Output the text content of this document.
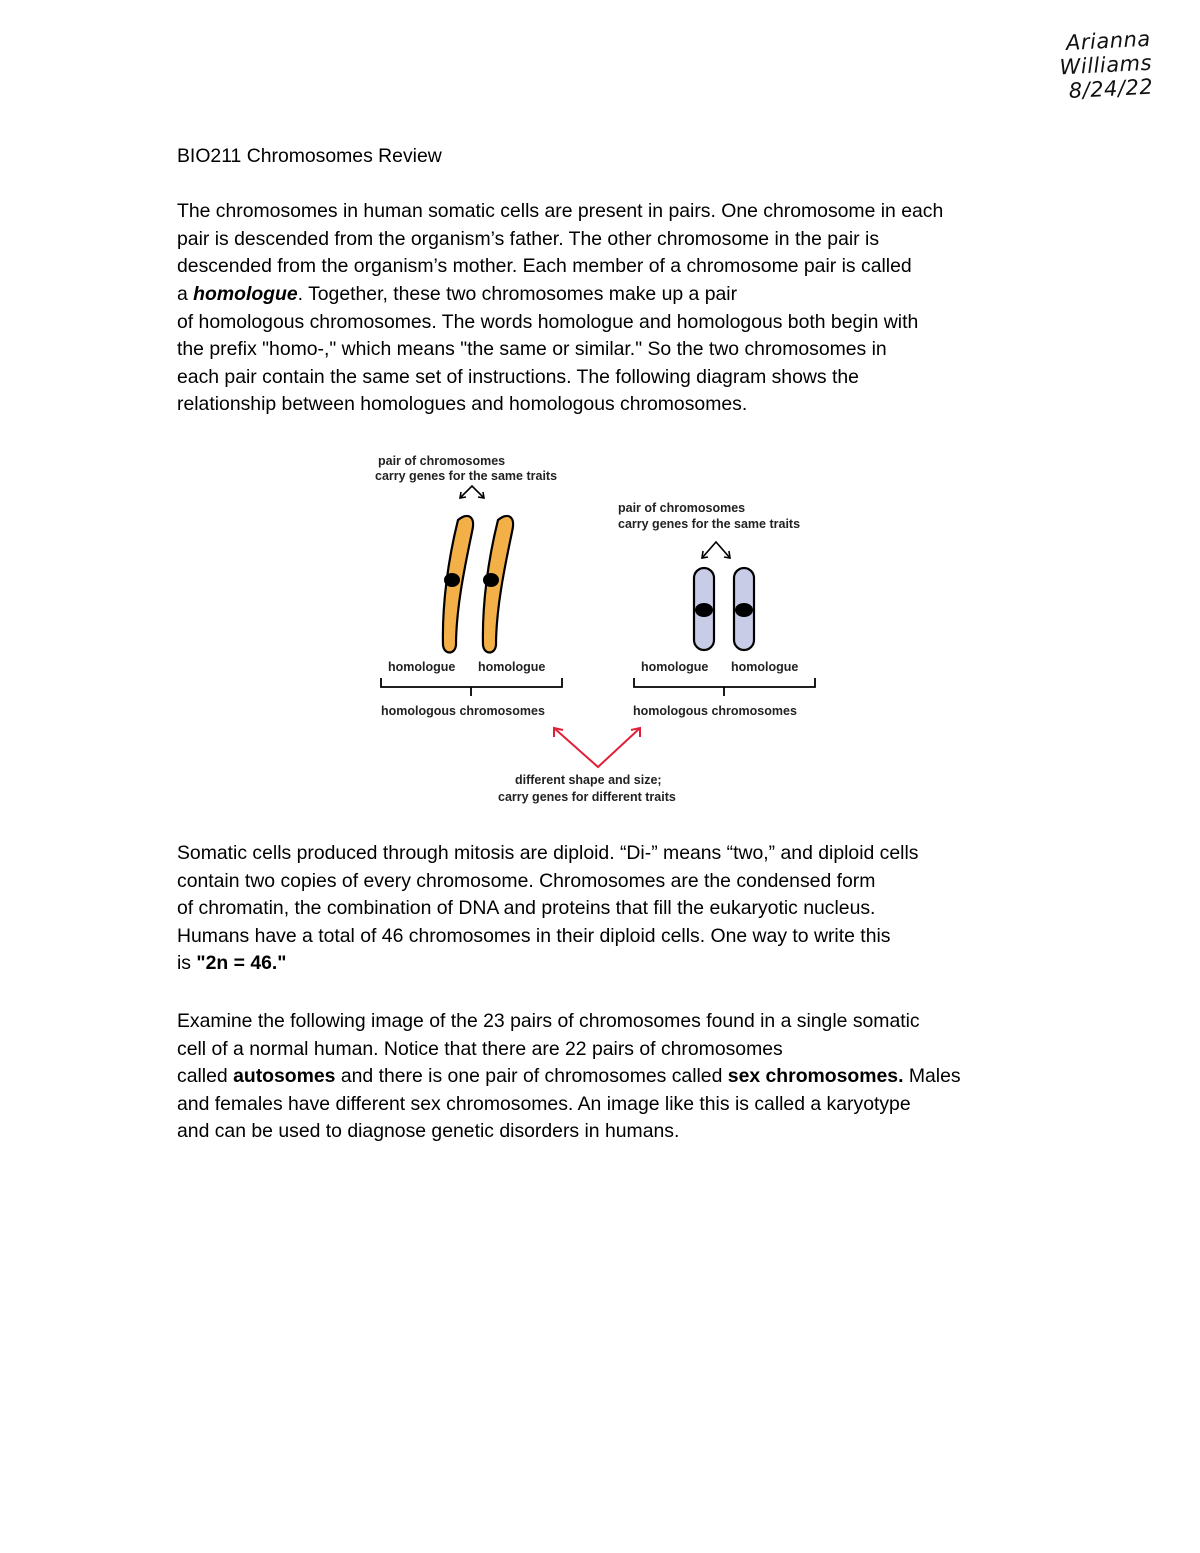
Arianna
Williams
8/24/22

BIO211 Chromosomes Review

The chromosomes in human somatic cells are present in pairs. One chromosome in each

pair is descended from the organism’s father. The other chromosome in the pair is

descended from the organism’s mother. Each member of a chromosome pair is called

a homologue. Together, these two chromosomes make up a pair

of homologous chromosomes. The words homologue and homologous both begin with

the prefix "homo-," which means "the same or similar." So the two chromosomes in

each pair contain the same set of instructions. The following diagram shows the

relationship between homologues and homologous chromosomes.

pair of chromosomes
carry genes for the same traits
pair of chromosomes
carry genes for the same traits
homologue homologue	homologue homologue
homologous chromosomes	homologous chromosomes
different shape and size;
carry genes for different traits

Somatic cells produced through mitosis are diploid. “Di-” means “two,” and diploid cells

contain two copies of every chromosome. Chromosomes are the condensed form

of chromatin, the combination of DNA and proteins that fill the eukaryotic nucleus.

Humans have a total of 46 chromosomes in their diploid cells. One way to write this

is "2n = 46."

Examine the following image of the 23 pairs of chromosomes found in a single somatic

cell of a normal human. Notice that there are 22 pairs of chromosomes

called autosomes and there is one pair of chromosomes called sex chromosomes. Males

and females have different sex chromosomes. An image like this is called a karyotype

and can be used to diagnose genetic disorders in humans.
